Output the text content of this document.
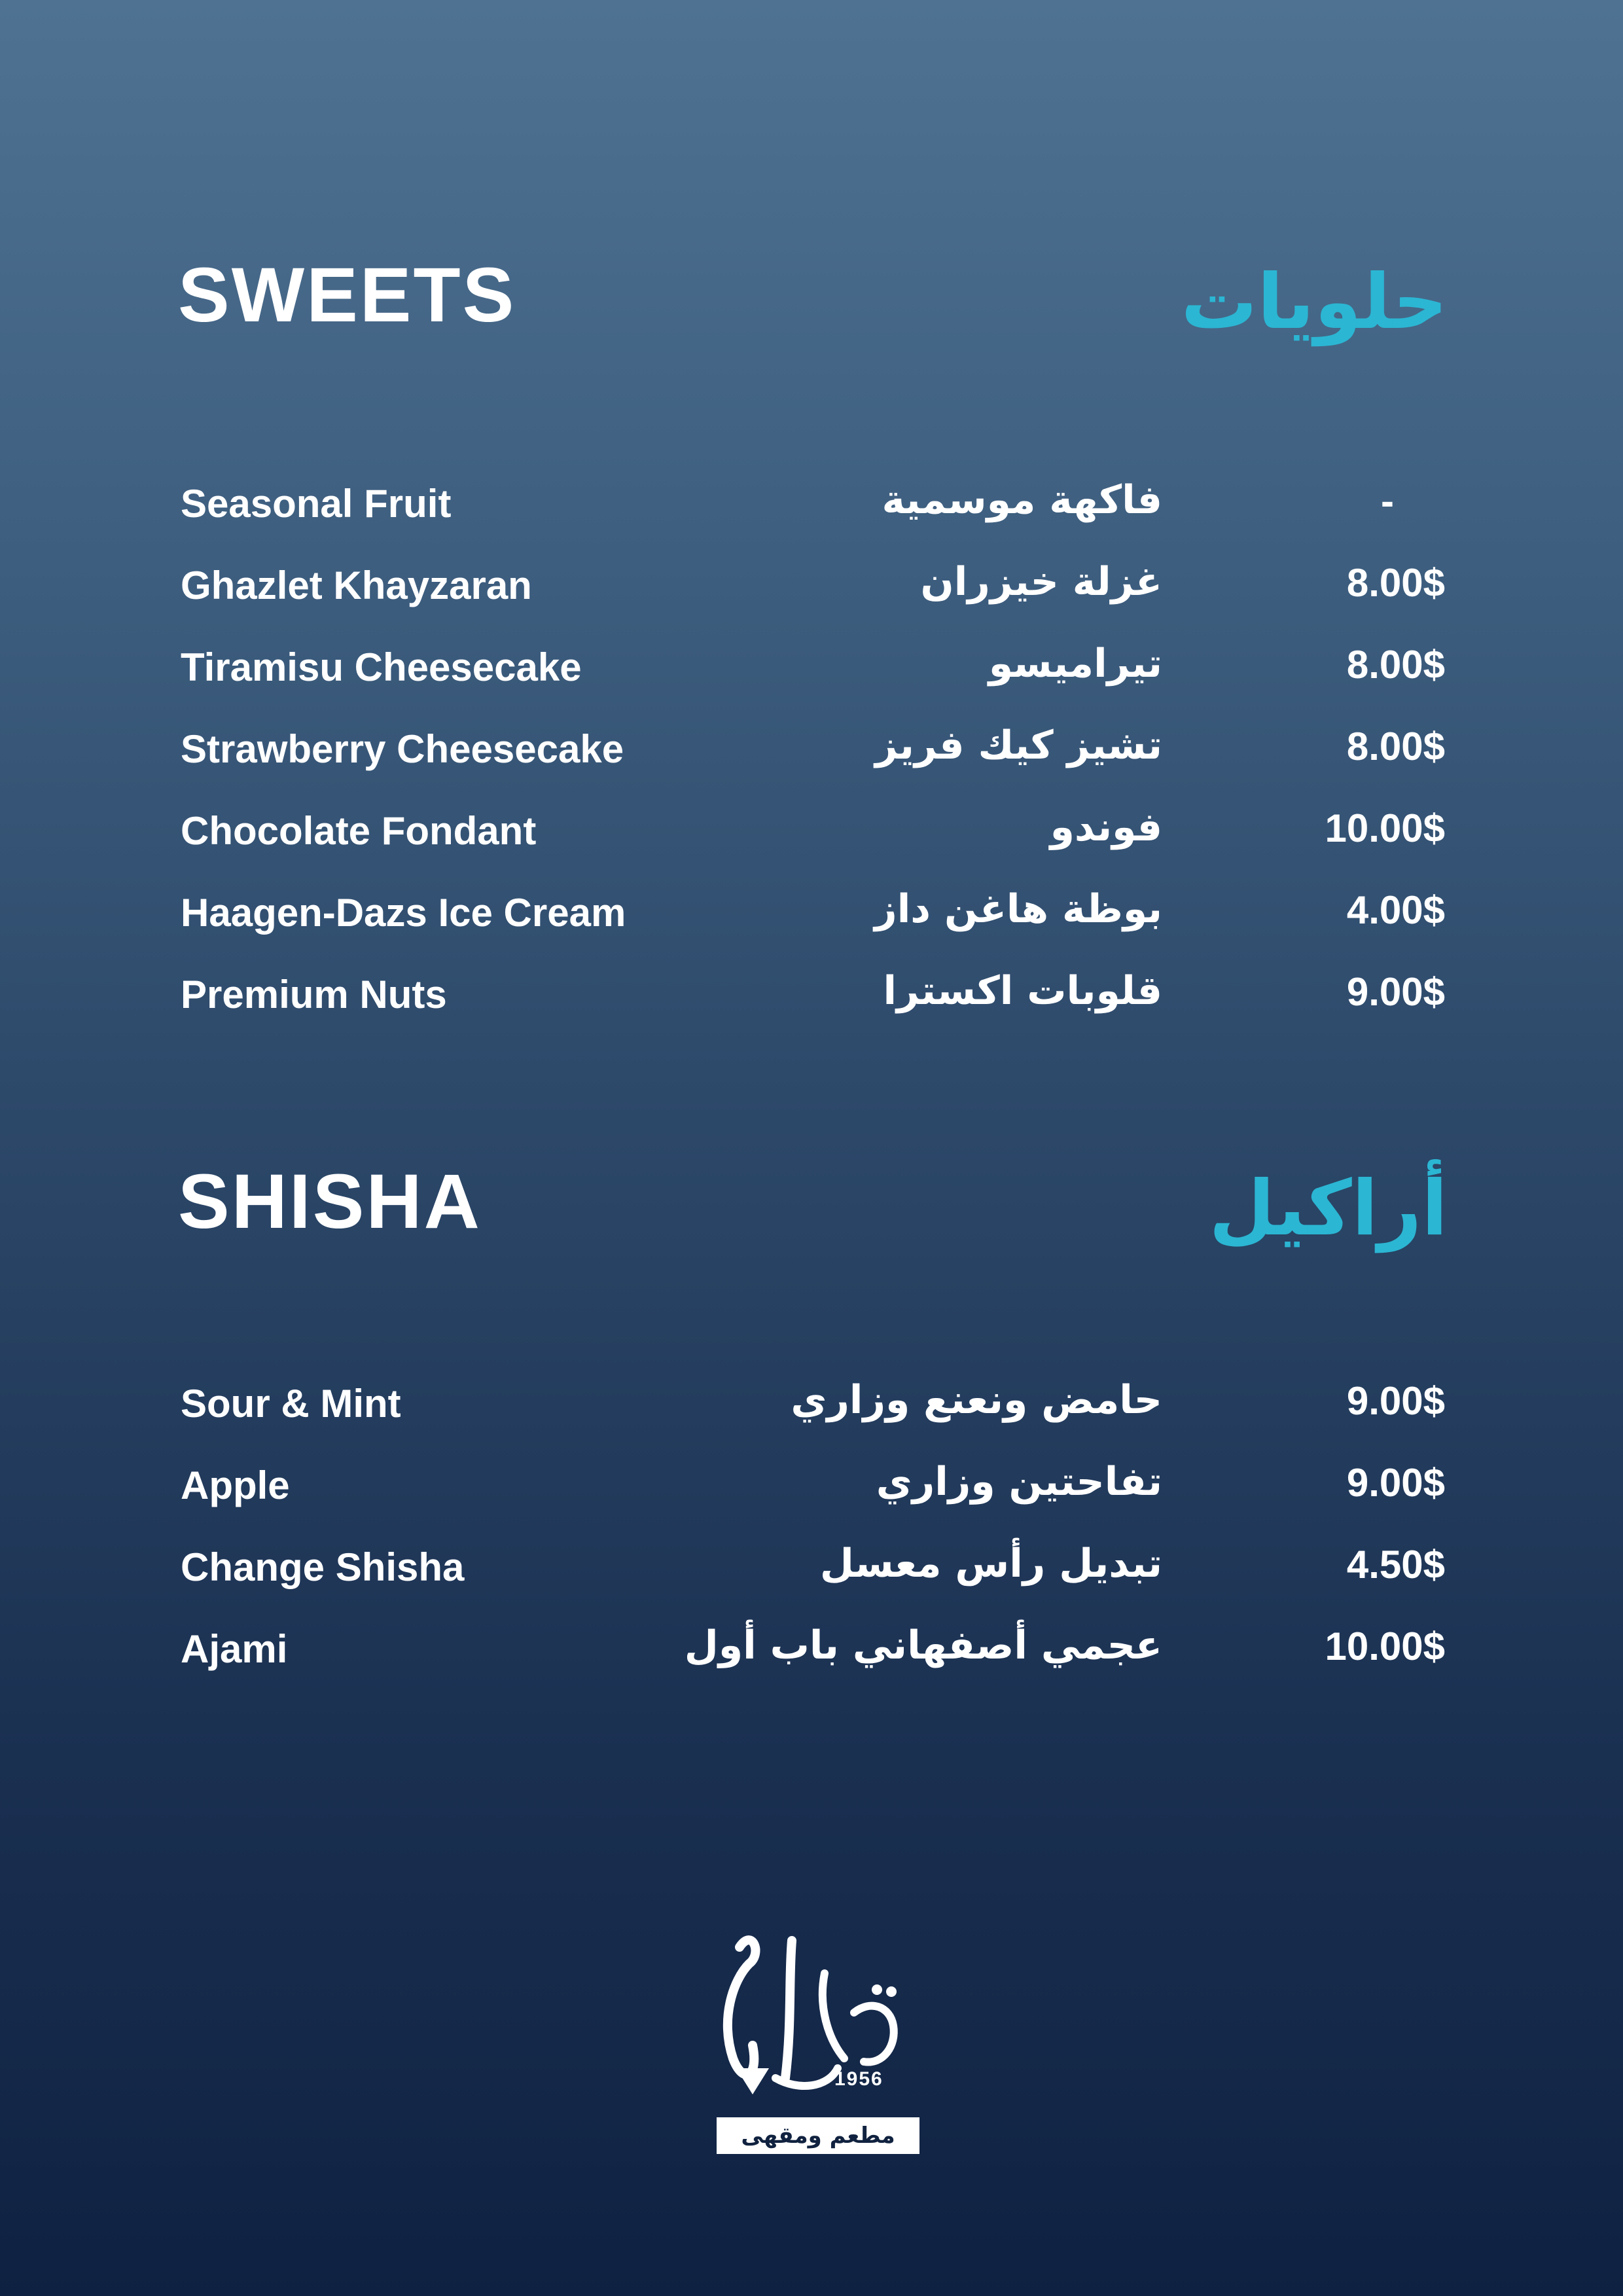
SWEETS	حلويات
Seasonal Fruit	فاكهة موسمية	-
Ghazlet Khayzaran	غزلة خيزران	8.00$
Tiramisu Cheesecake	تيراميسو	8.00$
Strawberry Cheesecake	تشيز كيك فريز	8.00$
Chocolate Fondant	فوندو	10.00$
Haagen-Dazs Ice Cream	بوظة هاغن داز	4.00$
Premium Nuts	قلوبات اكسترا	9.00$
SHISHA	أراكيل
Sour & Mint	حامض ونعنع وزاري	9.00$
Apple	تفاحتين وزاري	9.00$
Change Shisha	تبديل رأس معسل	4.50$
Ajami	عجمي أصفهاني باب أول	10.00$
1956
مطعم ومقهى
